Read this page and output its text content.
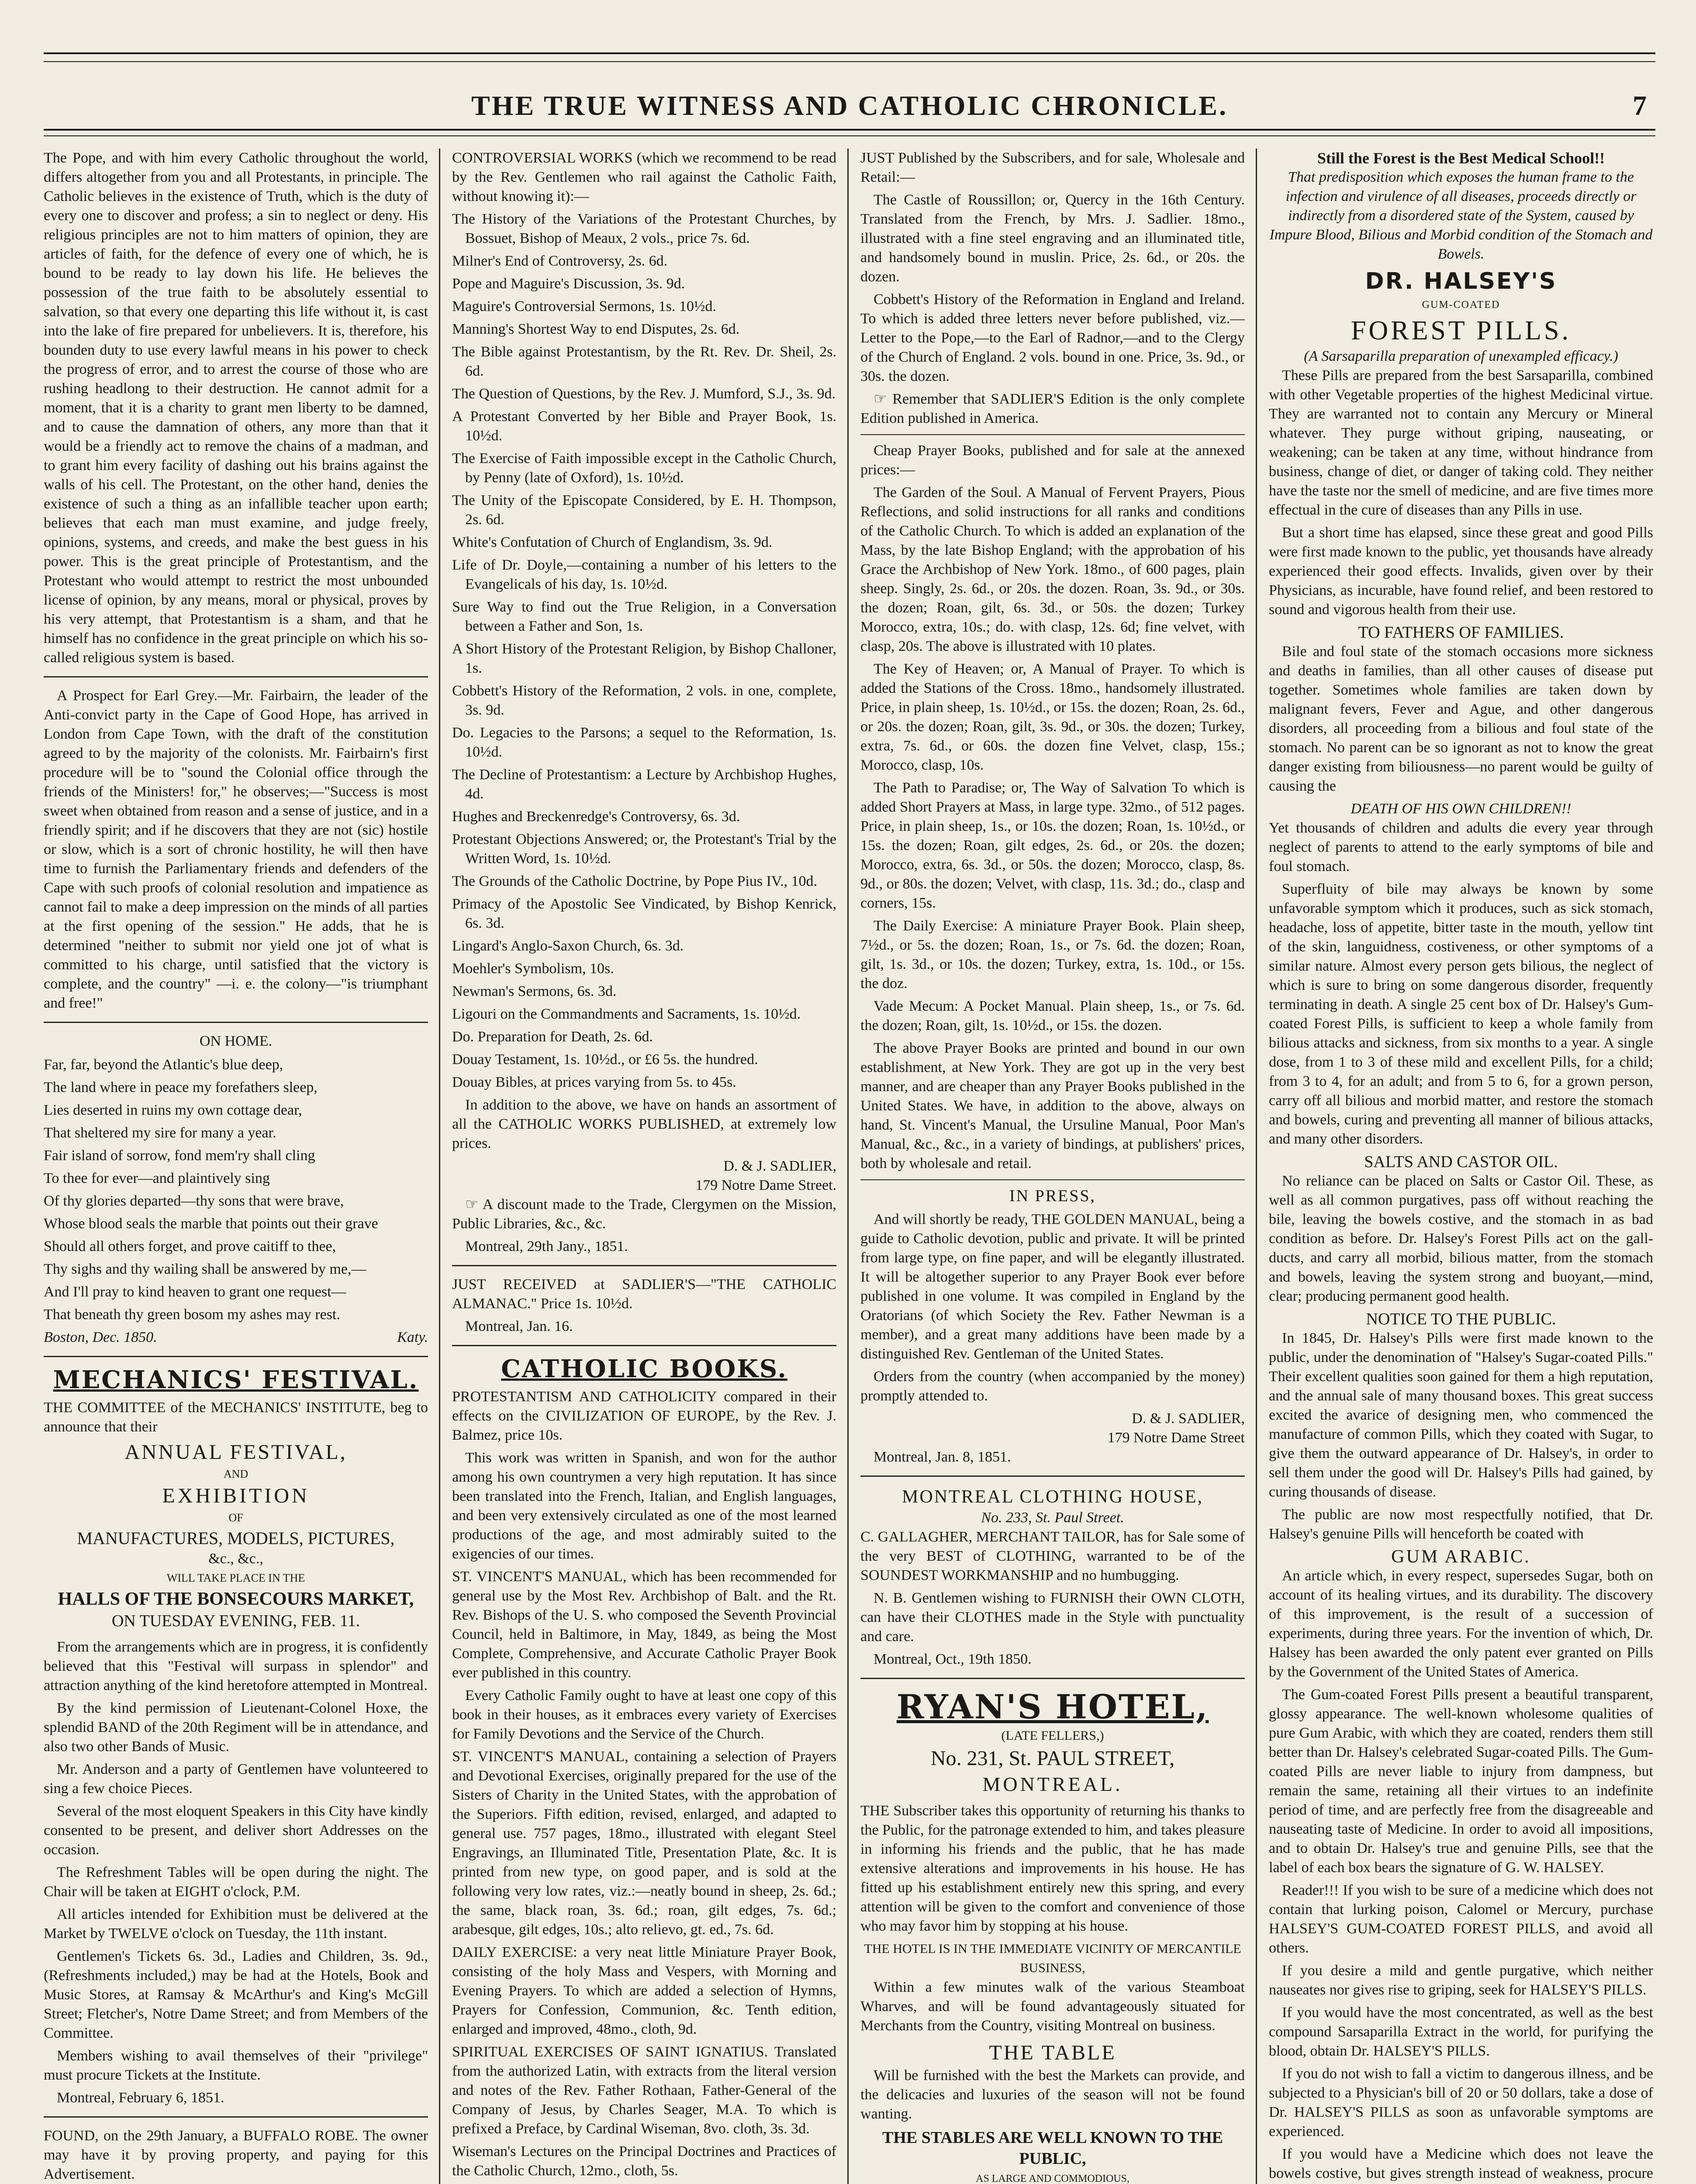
THE TRUE WITNESS AND CATHOLIC CHRONICLE.	7

The Pope, and with him every Catholic throughout the world, differs altogether from you and all Protestants, in principle. The Catholic believes in the existence of Truth, which is the duty of every one to discover and profess; a sin to neglect or deny. His religious principles are not to him matters of opinion, they are articles of faith, for the defence of every one of which, he is bound to be ready to lay down his life. He believes the possession of the true faith to be absolutely essential to salvation, so that every one departing this life without it, is cast into the lake of fire prepared for unbelievers. It is, therefore, his bounden duty to use every lawful means in his power to check the progress of error, and to arrest the course of those who are rushing headlong to their destruction. He cannot admit for a moment, that it is a charity to grant men liberty to be damned, and to cause the damnation of others, any more than that it would be a friendly act to remove the chains of a madman, and to grant him every facility of dashing out his brains against the walls of his cell. The Protestant, on the other hand, denies the existence of such a thing as an infallible teacher upon earth; believes that each man must examine, and judge freely, opinions, systems, and creeds, and make the best guess in his power. This is the great principle of Protestantism, and the Protestant who would attempt to restrict the most unbounded license of opinion, by any means, moral or physical, proves by his very attempt, that Protestantism is a sham, and that he himself has no confidence in the great principle on which his so-called religious system is based.

A Prospect for Earl Grey.—Mr. Fairbairn, the leader of the Anti-convict party in the Cape of Good Hope, has arrived in London from Cape Town, with the draft of the constitution agreed to by the majority of the colonists. Mr. Fairbairn's first procedure will be to "sound the Colonial office through the friends of the Ministers! for," he observes;—"Success is most sweet when obtained from reason and a sense of justice, and in a friendly spirit; and if he discovers that they are not (sic) hostile or slow, which is a sort of chronic hostility, he will then have time to furnish the Parliamentary friends and defenders of the Cape with such proofs of colonial resolution and impatience as cannot fail to make a deep impression on the minds of all parties at the first opening of the session." He adds, that he is determined "neither to submit nor yield one jot of what is committed to his charge, until satisfied that the victory is complete, and the country" —i. e. the colony—"is triumphant and free!"

ON HOME.

Far, far, beyond the Atlantic's blue deep,

The land where in peace my forefathers sleep,

Lies deserted in ruins my own cottage dear,

That sheltered my sire for many a year.

Fair island of sorrow, fond mem'ry shall cling

To thee for ever—and plaintively sing

Of thy glories departed—thy sons that were brave,

Whose blood seals the marble that points out their grave

Should all others forget, and prove caitiff to thee,

Thy sighs and thy wailing shall be answered by me,—

And I'll pray to kind heaven to grant one request—

That beneath thy green bosom my ashes may rest.

Boston, Dec. 1850.	Katy.
MECHANICS' FESTIVAL.

THE COMMITTEE of the MECHANICS' INSTITUTE, beg to announce that their

ANNUAL FESTIVAL,
AND
EXHIBITION
OF
MANUFACTURES, MODELS, PICTURES,
&c., &c.,
WILL TAKE PLACE IN THE
HALLS OF THE BONSECOURS MARKET,
ON TUESDAY EVENING, FEB. 11.

From the arrangements which are in progress, it is confidently believed that this "Festival will surpass in splendor" and attraction anything of the kind heretofore attempted in Montreal.

By the kind permission of Lieutenant-Colonel Hoxe, the splendid BAND of the 20th Regiment will be in attendance, and also two other Bands of Music.

Mr. Anderson and a party of Gentlemen have volunteered to sing a few choice Pieces.

Several of the most eloquent Speakers in this City have kindly consented to be present, and deliver short Addresses on the occasion.

The Refreshment Tables will be open during the night. The Chair will be taken at EIGHT o'clock, P.M.

All articles intended for Exhibition must be delivered at the Market by TWELVE o'clock on Tuesday, the 11th instant.

Gentlemen's Tickets 6s. 3d., Ladies and Children, 3s. 9d., (Refreshments included,) may be had at the Hotels, Book and Music Stores, at Ramsay & McArthur's and King's McGill Street; Fletcher's, Notre Dame Street; and from Members of the Committee.

Members wishing to avail themselves of their "privilege" must procure Tickets at the Institute.

Montreal, February 6, 1851.

FOUND, on the 29th January, a BUFFALO ROBE. The owner may have it by proving property, and paying for this Advertisement.

CONTROVERSIAL WORKS (which we recommend to be read by the Rev. Gentlemen who rail against the Catholic Faith, without knowing it):—

The History of the Variations of the Protestant Churches, by Bossuet, Bishop of Meaux, 2 vols., price 7s. 6d.

Milner's End of Controversy, 2s. 6d.

Pope and Maguire's Discussion, 3s. 9d.

Maguire's Controversial Sermons, 1s. 10½d.

Manning's Shortest Way to end Disputes, 2s. 6d.

The Bible against Protestantism, by the Rt. Rev. Dr. Sheil, 2s. 6d.

The Question of Questions, by the Rev. J. Mumford, S.J., 3s. 9d.

A Protestant Converted by her Bible and Prayer Book, 1s. 10½d.

The Exercise of Faith impossible except in the Catholic Church, by Penny (late of Oxford), 1s. 10½d.

The Unity of the Episcopate Considered, by E. H. Thompson, 2s. 6d.

White's Confutation of Church of Englandism, 3s. 9d.

Life of Dr. Doyle,—containing a number of his letters to the Evangelicals of his day, 1s. 10½d.

Sure Way to find out the True Religion, in a Conversation between a Father and Son, 1s.

A Short History of the Protestant Religion, by Bishop Challoner, 1s.

Cobbett's History of the Reformation, 2 vols. in one, complete, 3s. 9d.

Do. Legacies to the Parsons; a sequel to the Reformation, 1s. 10½d.

The Decline of Protestantism: a Lecture by Archbishop Hughes, 4d.

Hughes and Breckenredge's Controversy, 6s. 3d.

Protestant Objections Answered; or, the Protestant's Trial by the Written Word, 1s. 10½d.

The Grounds of the Catholic Doctrine, by Pope Pius IV., 10d.

Primacy of the Apostolic See Vindicated, by Bishop Kenrick, 6s. 3d.

Lingard's Anglo-Saxon Church, 6s. 3d.

Moehler's Symbolism, 10s.

Newman's Sermons, 6s. 3d.

Ligouri on the Commandments and Sacraments, 1s. 10½d.

Do. Preparation for Death, 2s. 6d.

Douay Testament, 1s. 10½d., or £6 5s. the hundred.

Douay Bibles, at prices varying from 5s. to 45s.

In addition to the above, we have on hands an assortment of all the CATHOLIC WORKS PUBLISHED, at extremely low prices.

D. & J. SADLIER,
179 Notre Dame Street.

☞ A discount made to the Trade, Clergymen on the Mission, Public Libraries, &c., &c.

Montreal, 29th Jany., 1851.

JUST RECEIVED at SADLIER'S—"THE CATHOLIC ALMANAC." Price 1s. 10½d.

Montreal, Jan. 16.

CATHOLIC BOOKS.

PROTESTANTISM AND CATHOLICITY compared in their effects on the CIVILIZATION OF EUROPE, by the Rev. J. Balmez, price 10s.

This work was written in Spanish, and won for the author among his own countrymen a very high reputation. It has since been translated into the French, Italian, and English languages, and been very extensively circulated as one of the most learned productions of the age, and most admirably suited to the exigencies of our times.

ST. VINCENT'S MANUAL, which has been recommended for general use by the Most Rev. Archbishop of Balt. and the Rt. Rev. Bishops of the U. S. who composed the Seventh Provincial Council, held in Baltimore, in May, 1849, as being the Most Complete, Comprehensive, and Accurate Catholic Prayer Book ever published in this country.

Every Catholic Family ought to have at least one copy of this book in their houses, as it embraces every variety of Exercises for Family Devotions and the Service of the Church.

ST. VINCENT'S MANUAL, containing a selection of Prayers and Devotional Exercises, originally prepared for the use of the Sisters of Charity in the United States, with the approbation of the Superiors. Fifth edition, revised, enlarged, and adapted to general use. 757 pages, 18mo., illustrated with elegant Steel Engravings, an Illuminated Title, Presentation Plate, &c. It is printed from new type, on good paper, and is sold at the following very low rates, viz.:—neatly bound in sheep, 2s. 6d.; the same, black roan, 3s. 6d.; roan, gilt edges, 7s. 6d.; arabesque, gilt edges, 10s.; alto relievo, gt. ed., 7s. 6d.

DAILY EXERCISE: a very neat little Miniature Prayer Book, consisting of the holy Mass and Vespers, with Morning and Evening Prayers. To which are added a selection of Hymns, Prayers for Confession, Communion, &c. Tenth edition, enlarged and improved, 48mo., cloth, 9d.

SPIRITUAL EXERCISES OF SAINT IGNATIUS. Translated from the authorized Latin, with extracts from the literal version and notes of the Rev. Father Rothaan, Father-General of the Company of Jesus, by Charles Seager, M.A. To which is prefixed a Preface, by Cardinal Wiseman, 8vo. cloth, 3s. 3d.

Wiseman's Lectures on the Principal Doctrines and Practices of the Catholic Church, 12mo., cloth, 5s.

JUST Published by the Subscribers, and for sale, Wholesale and Retail:—

The Castle of Roussillon; or, Quercy in the 16th Century. Translated from the French, by Mrs. J. Sadlier. 18mo., illustrated with a fine steel engraving and an illuminated title, and handsomely bound in muslin. Price, 2s. 6d., or 20s. the dozen.

Cobbett's History of the Reformation in England and Ireland. To which is added three letters never before published, viz.—Letter to the Pope,—to the Earl of Radnor,—and to the Clergy of the Church of England. 2 vols. bound in one. Price, 3s. 9d., or 30s. the dozen.

☞ Remember that SADLIER'S Edition is the only complete Edition published in America.

Cheap Prayer Books, published and for sale at the annexed prices:—

The Garden of the Soul. A Manual of Fervent Prayers, Pious Reflections, and solid instructions for all ranks and conditions of the Catholic Church. To which is added an explanation of the Mass, by the late Bishop England; with the approbation of his Grace the Archbishop of New York. 18mo., of 600 pages, plain sheep. Singly, 2s. 6d., or 20s. the dozen. Roan, 3s. 9d., or 30s. the dozen; Roan, gilt, 6s. 3d., or 50s. the dozen; Turkey Morocco, extra, 10s.; do. with clasp, 12s. 6d; fine velvet, with clasp, 20s. The above is illustrated with 10 plates.

The Key of Heaven; or, A Manual of Prayer. To which is added the Stations of the Cross. 18mo., handsomely illustrated. Price, in plain sheep, 1s. 10½d., or 15s. the dozen; Roan, 2s. 6d., or 20s. the dozen; Roan, gilt, 3s. 9d., or 30s. the dozen; Turkey, extra, 7s. 6d., or 60s. the dozen fine Velvet, clasp, 15s.; Morocco, clasp, 10s.

The Path to Paradise; or, The Way of Salvation To which is added Short Prayers at Mass, in large type. 32mo., of 512 pages. Price, in plain sheep, 1s., or 10s. the dozen; Roan, 1s. 10½d., or 15s. the dozen; Roan, gilt edges, 2s. 6d., or 20s. the dozen; Morocco, extra, 6s. 3d., or 50s. the dozen; Morocco, clasp, 8s. 9d., or 80s. the dozen; Velvet, with clasp, 11s. 3d.; do., clasp and corners, 15s.

The Daily Exercise: A miniature Prayer Book. Plain sheep, 7½d., or 5s. the dozen; Roan, 1s., or 7s. 6d. the dozen; Roan, gilt, 1s. 3d., or 10s. the dozen; Turkey, extra, 1s. 10d., or 15s. the doz.

Vade Mecum: A Pocket Manual. Plain sheep, 1s., or 7s. 6d. the dozen; Roan, gilt, 1s. 10½d., or 15s. the dozen.

The above Prayer Books are printed and bound in our own establishment, at New York. They are got up in the very best manner, and are cheaper than any Prayer Books published in the United States. We have, in addition to the above, always on hand, St. Vincent's Manual, the Ursuline Manual, Poor Man's Manual, &c., &c., in a variety of bindings, at publishers' prices, both by wholesale and retail.

IN PRESS,

And will shortly be ready, THE GOLDEN MANUAL, being a guide to Catholic devotion, public and private. It will be printed from large type, on fine paper, and will be elegantly illustrated. It will be altogether superior to any Prayer Book ever before published in one volume. It was compiled in England by the Oratorians (of which Society the Rev. Father Newman is a member), and a great many additions have been made by a distinguished Rev. Gentleman of the United States.

Orders from the country (when accompanied by the money) promptly attended to.

D. & J. SADLIER,
179 Notre Dame Street

Montreal, Jan. 8, 1851.

MONTREAL CLOTHING HOUSE,
No. 233, St. Paul Street.

C. GALLAGHER, MERCHANT TAILOR, has for Sale some of the very BEST of CLOTHING, warranted to be of the SOUNDEST WORKMANSHIP and no humbugging.

N. B. Gentlemen wishing to FURNISH their OWN CLOTH, can have their CLOTHES made in the Style with punctuality and care.

Montreal, Oct., 19th 1850.

RYAN'S HOTEL,
(LATE FELLERS,)
No. 231, St. PAUL STREET,
MONTREAL.

THE Subscriber takes this opportunity of returning his thanks to the Public, for the patronage extended to him, and takes pleasure in informing his friends and the public, that he has made extensive alterations and improvements in his house. He has fitted up his establishment entirely new this spring, and every attention will be given to the comfort and convenience of those who may favor him by stopping at his house.

THE HOTEL IS IN THE IMMEDIATE VICINITY OF MERCANTILE BUSINESS,

Within a few minutes walk of the various Steamboat Wharves, and will be found advantageously situated for Merchants from the Country, visiting Montreal on business.

THE TABLE

Will be furnished with the best the Markets can provide, and the delicacies and luxuries of the season will not be found wanting.

THE STABLES ARE WELL KNOWN TO THE PUBLIC,
AS LARGE AND COMMODIOUS,

Still the Forest is the Best Medical School!!

That predisposition which exposes the human frame to the infection and virulence of all diseases, proceeds directly or indirectly from a disordered state of the System, caused by Impure Blood, Bilious and Morbid condition of the Stomach and Bowels.

DR. HALSEY'S
GUM-COATED
FOREST PILLS.
(A Sarsaparilla preparation of unexampled efficacy.)

These Pills are prepared from the best Sarsaparilla, combined with other Vegetable properties of the highest Medicinal virtue. They are warranted not to contain any Mercury or Mineral whatever. They purge without griping, nauseating, or weakening; can be taken at any time, without hindrance from business, change of diet, or danger of taking cold. They neither have the taste nor the smell of medicine, and are five times more effectual in the cure of diseases than any Pills in use.

But a short time has elapsed, since these great and good Pills were first made known to the public, yet thousands have already experienced their good effects. Invalids, given over by their Physicians, as incurable, have found relief, and been restored to sound and vigorous health from their use.

TO FATHERS OF FAMILIES.

Bile and foul state of the stomach occasions more sickness and deaths in families, than all other causes of disease put together. Sometimes whole families are taken down by malignant fevers, Fever and Ague, and other dangerous disorders, all proceeding from a bilious and foul state of the stomach. No parent can be so ignorant as not to know the great danger existing from biliousness—no parent would be guilty of causing the

DEATH OF HIS OWN CHILDREN!!

Yet thousands of children and adults die every year through neglect of parents to attend to the early symptoms of bile and foul stomach.

Superfluity of bile may always be known by some unfavorable symptom which it produces, such as sick stomach, headache, loss of appetite, bitter taste in the mouth, yellow tint of the skin, languidness, costiveness, or other symptoms of a similar nature. Almost every person gets bilious, the neglect of which is sure to bring on some dangerous disorder, frequently terminating in death. A single 25 cent box of Dr. Halsey's Gum-coated Forest Pills, is sufficient to keep a whole family from bilious attacks and sickness, from six months to a year. A single dose, from 1 to 3 of these mild and excellent Pills, for a child; from 3 to 4, for an adult; and from 5 to 6, for a grown person, carry off all bilious and morbid matter, and restore the stomach and bowels, curing and preventing all manner of bilious attacks, and many other disorders.

SALTS AND CASTOR OIL.

No reliance can be placed on Salts or Castor Oil. These, as well as all common purgatives, pass off without reaching the bile, leaving the bowels costive, and the stomach in as bad condition as before. Dr. Halsey's Forest Pills act on the gall-ducts, and carry all morbid, bilious matter, from the stomach and bowels, leaving the system strong and buoyant,—mind, clear; producing permanent good health.

NOTICE TO THE PUBLIC.

In 1845, Dr. Halsey's Pills were first made known to the public, under the denomination of "Halsey's Sugar-coated Pills." Their excellent qualities soon gained for them a high reputation, and the annual sale of many thousand boxes. This great success excited the avarice of designing men, who commenced the manufacture of common Pills, which they coated with Sugar, to give them the outward appearance of Dr. Halsey's, in order to sell them under the good will Dr. Halsey's Pills had gained, by curing thousands of disease.

The public are now most respectfully notified, that Dr. Halsey's genuine Pills will henceforth be coated with

GUM ARABIC.

An article which, in every respect, supersedes Sugar, both on account of its healing virtues, and its durability. The discovery of this improvement, is the result of a succession of experiments, during three years. For the invention of which, Dr. Halsey has been awarded the only patent ever granted on Pills by the Government of the United States of America.

The Gum-coated Forest Pills present a beautiful transparent, glossy appearance. The well-known wholesome qualities of pure Gum Arabic, with which they are coated, renders them still better than Dr. Halsey's celebrated Sugar-coated Pills. The Gum-coated Pills are never liable to injury from dampness, but remain the same, retaining all their virtues to an indefinite period of time, and are perfectly free from the disagreeable and nauseating taste of Medicine. In order to avoid all impositions, and to obtain Dr. Halsey's true and genuine Pills, see that the label of each box bears the signature of G. W. HALSEY.

Reader!!! If you wish to be sure of a medicine which does not contain that lurking poison, Calomel or Mercury, purchase HALSEY'S GUM-COATED FOREST PILLS, and avoid all others.

If you desire a mild and gentle purgative, which neither nauseates nor gives rise to griping, seek for HALSEY'S PILLS.

If you would have the most concentrated, as well as the best compound Sarsaparilla Extract in the world, for purifying the blood, obtain Dr. HALSEY'S PILLS.

If you do not wish to fall a victim to dangerous illness, and be subjected to a Physician's bill of 20 or 50 dollars, take a dose of Dr. HALSEY'S PILLS as soon as unfavorable symptoms are experienced.

If you would have a Medicine which does not leave the bowels costive, but gives strength instead of weakness, procure
